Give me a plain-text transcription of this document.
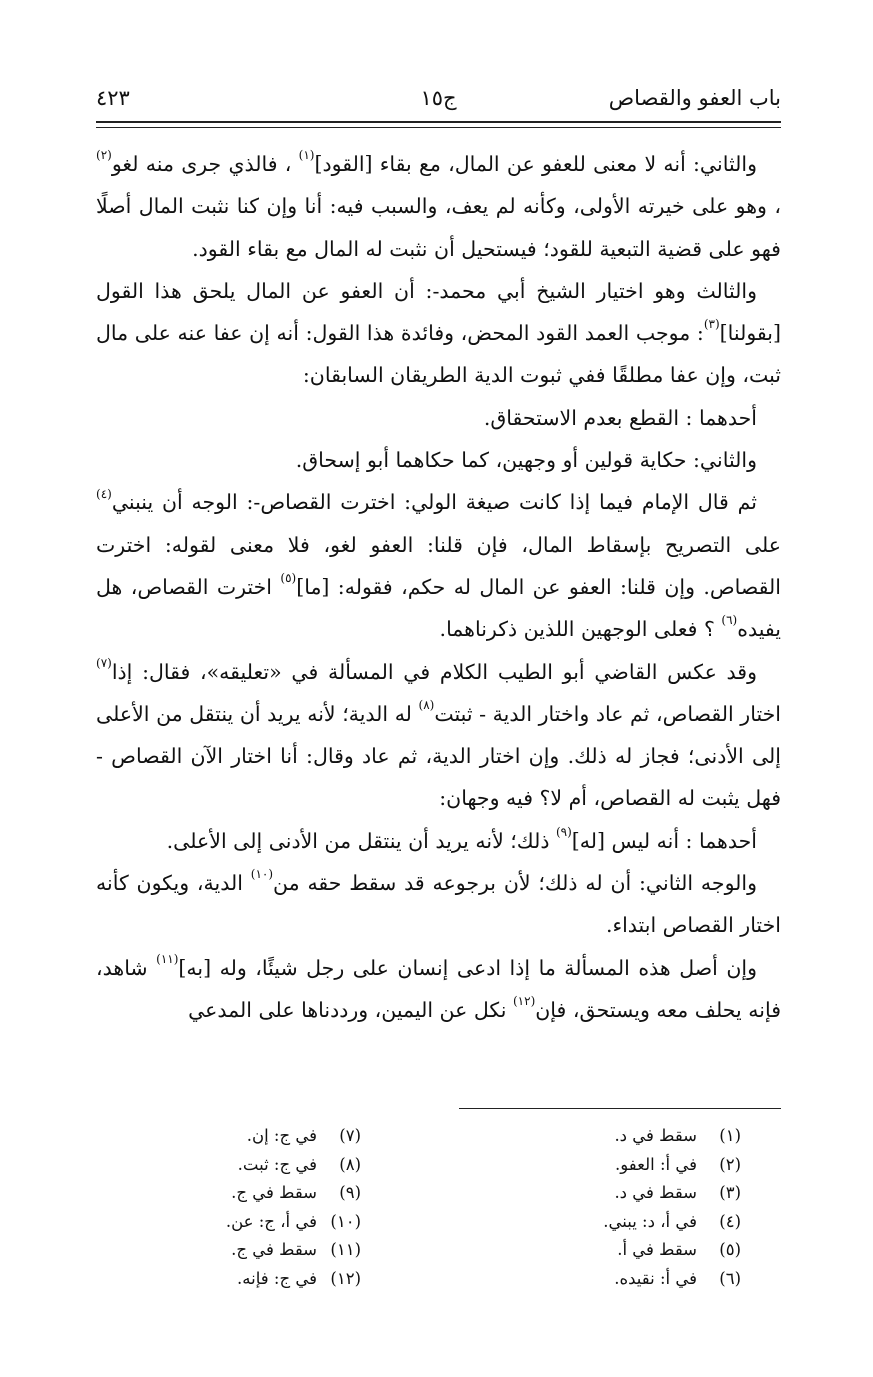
باب العفو والقصاص
ج١٥
٤٢٣

والثاني: أنه لا معنى للعفو عن المال، مع بقاء [القود]$^{(١)}$ ، فالذي جرى منه لغو$^{(٢)}$ ، وهو على خيرته الأولى، وكأنه لم يعف، والسبب فيه: أنا وإن كنا نثبت المال أصلًا فهو على قضية التبعية للقود؛ فيستحيل أن نثبت له المال مع بقاء القود.

والثالث وهو اختيار الشيخ أبي محمد-: أن العفو عن المال يلحق هذا القول [بقولنا]$^{(٣)}$: موجب العمد القود المحض، وفائدة هذا القول: أنه إن عفا عنه على مال ثبت، وإن عفا مطلقًا ففي ثبوت الدية الطريقان السابقان:

أحدهما : القطع بعدم الاستحقاق.

والثاني: حكاية قولين أو وجهين، كما حكاهما أبو إسحاق.

ثم قال الإمام فيما إذا كانت صيغة الولي: اخترت القصاص-: الوجه أن ينبني$^{(٤)}$ على التصريح بإسقاط المال، فإن قلنا: العفو لغو، فلا معنى لقوله: اخترت القصاص. وإن قلنا: العفو عن المال له حكم، فقوله: [ما]$^{(٥)}$ اخترت القصاص، هل يفيده$^{(٦)}$ ؟ فعلى الوجهين اللذين ذكرناهما.

وقد عكس القاضي أبو الطيب الكلام في المسألة في «تعليقه»، فقال: إذا$^{(٧)}$ اختار القصاص، ثم عاد واختار الدية - ثبتت$^{(٨)}$ له الدية؛ لأنه يريد أن ينتقل من الأعلى إلى الأدنى؛ فجاز له ذلك. وإن اختار الدية، ثم عاد وقال: أنا اختار الآن القصاص - فهل يثبت له القصاص، أم لا؟ فيه وجهان:

أحدهما : أنه ليس [له]$^{(٩)}$ ذلك؛ لأنه يريد أن ينتقل من الأدنى إلى الأعلى.

والوجه الثاني: أن له ذلك؛ لأن برجوعه قد سقط حقه من$^{(١٠)}$ الدية، ويكون كأنه اختار القصاص ابتداء.

وإن أصل هذه المسألة ما إذا ادعى إنسان على رجل شيئًا، وله [به]$^{(١١)}$ شاهد، فإنه يحلف معه ويستحق، فإن$^{(١٢)}$ نكل عن اليمين، ورددناها على المدعي

(١)سقط في د.
(٢)في أ: العفو.
(٣)سقط في د.
(٤)في أ، د: يبني.
(٥)سقط في أ.
(٦)في أ: نقيده.
(٧)في ج: إن.
(٨)في ج: ثبت.
(٩)سقط في ج.
(١٠)في أ، ج: عن.
(١١)سقط في ج.
(١٢)في ج: فإنه.
